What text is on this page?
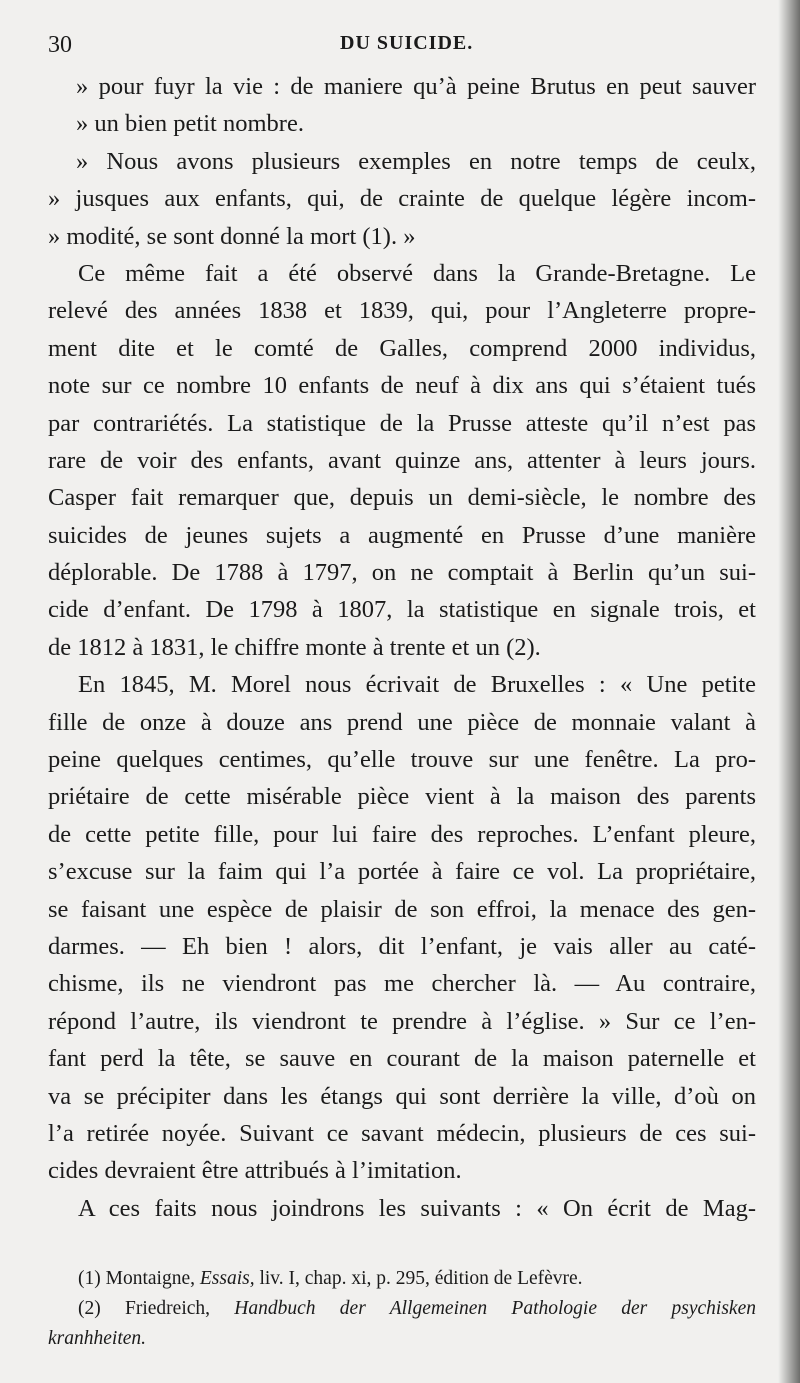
30	DU SUICIDE.
» pour fuyr la vie : de maniere qu’à peine Brutus en peut sauver
» un bien petit nombre.
» Nous avons plusieurs exemples en notre temps de ceulx,
» jusques aux enfants, qui, de crainte de quelque légère incom-
» modité, se sont donné la mort (1). »
Ce même fait a été observé dans la Grande-Bretagne. Le
relevé des années 1838 et 1839, qui, pour l’Angleterre propre-
ment dite et le comté de Galles, comprend 2000 individus,
note sur ce nombre 10 enfants de neuf à dix ans qui s’étaient tués
par contrariétés. La statistique de la Prusse atteste qu’il n’est pas
rare de voir des enfants, avant quinze ans, attenter à leurs jours.
Casper fait remarquer que, depuis un demi-siècle, le nombre des
suicides de jeunes sujets a augmenté en Prusse d’une manière
déplorable. De 1788 à 1797, on ne comptait à Berlin qu’un sui-
cide d’enfant. De 1798 à 1807, la statistique en signale trois, et
de 1812 à 1831, le chiffre monte à trente et un (2).
En 1845, M. Morel nous écrivait de Bruxelles : « Une petite
fille de onze à douze ans prend une pièce de monnaie valant à
peine quelques centimes, qu’elle trouve sur une fenêtre. La pro-
priétaire de cette misérable pièce vient à la maison des parents
de cette petite fille, pour lui faire des reproches. L’enfant pleure,
s’excuse sur la faim qui l’a portée à faire ce vol. La propriétaire,
se faisant une espèce de plaisir de son effroi, la menace des gen-
darmes. — Eh bien ! alors, dit l’enfant, je vais aller au caté-
chisme, ils ne viendront pas me chercher là. — Au contraire,
répond l’autre, ils viendront te prendre à l’église. » Sur ce l’en-
fant perd la tête, se sauve en courant de la maison paternelle et
va se précipiter dans les étangs qui sont derrière la ville, d’où on
l’a retirée noyée. Suivant ce savant médecin, plusieurs de ces sui-
cides devraient être attribués à l’imitation.
A ces faits nous joindrons les suivants : « On écrit de Mag-
(1) Montaigne, Essais, liv. I, chap. xi, p. 295, édition de Lefèvre.
(2) Friedreich, Handbuch der Allgemeinen Pathologie der psychisken
kranhheiten.
